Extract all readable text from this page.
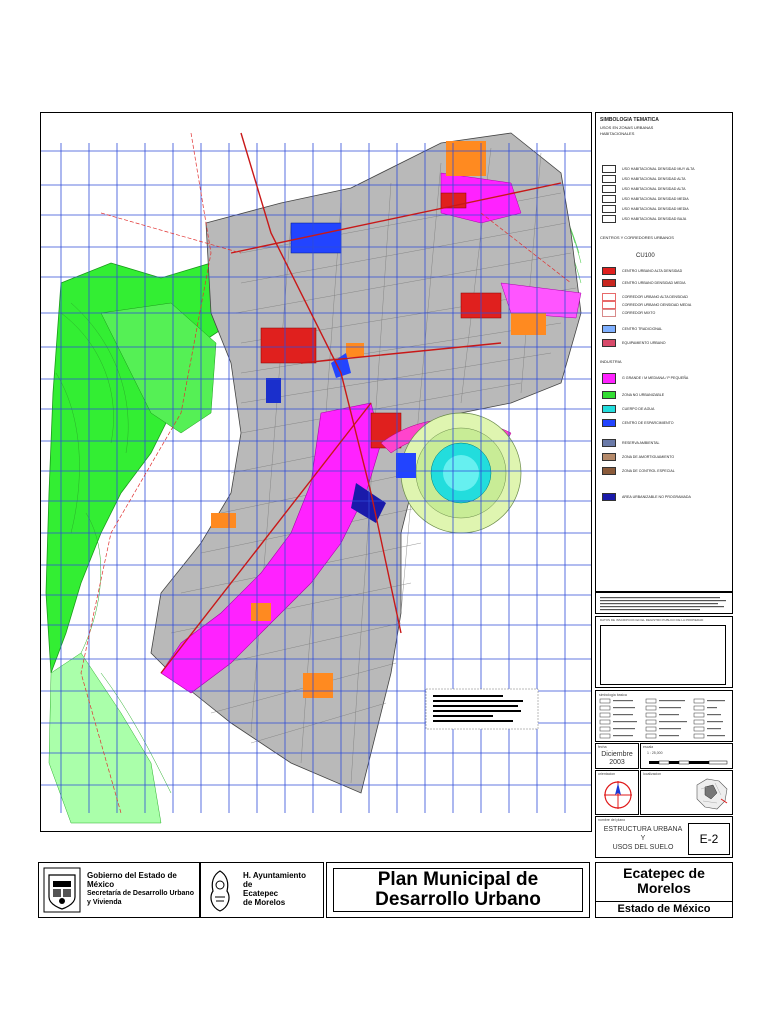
SIMBOLOGIA TEMATICA
USOS EN ZONAS URBANAS
HABITACIONALES
USO HABITACIONAL DENSIDAD MUY ALTA
USO HABITACIONAL DENSIDAD ALTA
USO HABITACIONAL DENSIDAD ALTA
USO HABITACIONAL DENSIDAD MEDIA
USO HABITACIONAL DENSIDAD MEDIA
USO HABITACIONAL DENSIDAD BAJA
CENTROS Y CORREDORES URBANOS
CU100
CENTRO URBANO ALTA DENSIDAD
CENTRO URBANO DENSIDAD MEDIA
CORREDOR URBANO ALTA DENSIDAD
CORREDOR URBANO DENSIDAD MEDIA
CORREDOR MIXTO
CENTRO TRADICIONAL
EQUIPAMIENTO URBANO
INDUSTRIA
G GRANDE / M MEDIANA / P PEQUEÑA
ZONA NO URBANIZABLE
CUERPO DE AGUA
CENTRO DE ESPARCIMIENTO
RESERVA AMBIENTAL
ZONA DE AMORTIGUAMIENTO
ZONA DE CONTROL ESPECIAL
AREA URBANIZABLE NO PROGRAMADA
DATOS DE INSCRIPCION EN EL REGISTRO PUBLICO DE LA PROPIEDAD
simbologia basica
fecha
Diciembre 2003
escala
1 : 25,000
orientacion	localizacion
nombre del plano
ESTRUCTURA URBANA
Y
USOS DEL SUELO
E-2
Gobierno del Estado de
México
Secretaría de Desarrollo Urbano
y Vivienda
H. Ayuntamiento
de
Ecatepec
de Morelos
Plan Municipal de
Desarrollo Urbano
Ecatepec de
Morelos
Estado de México
